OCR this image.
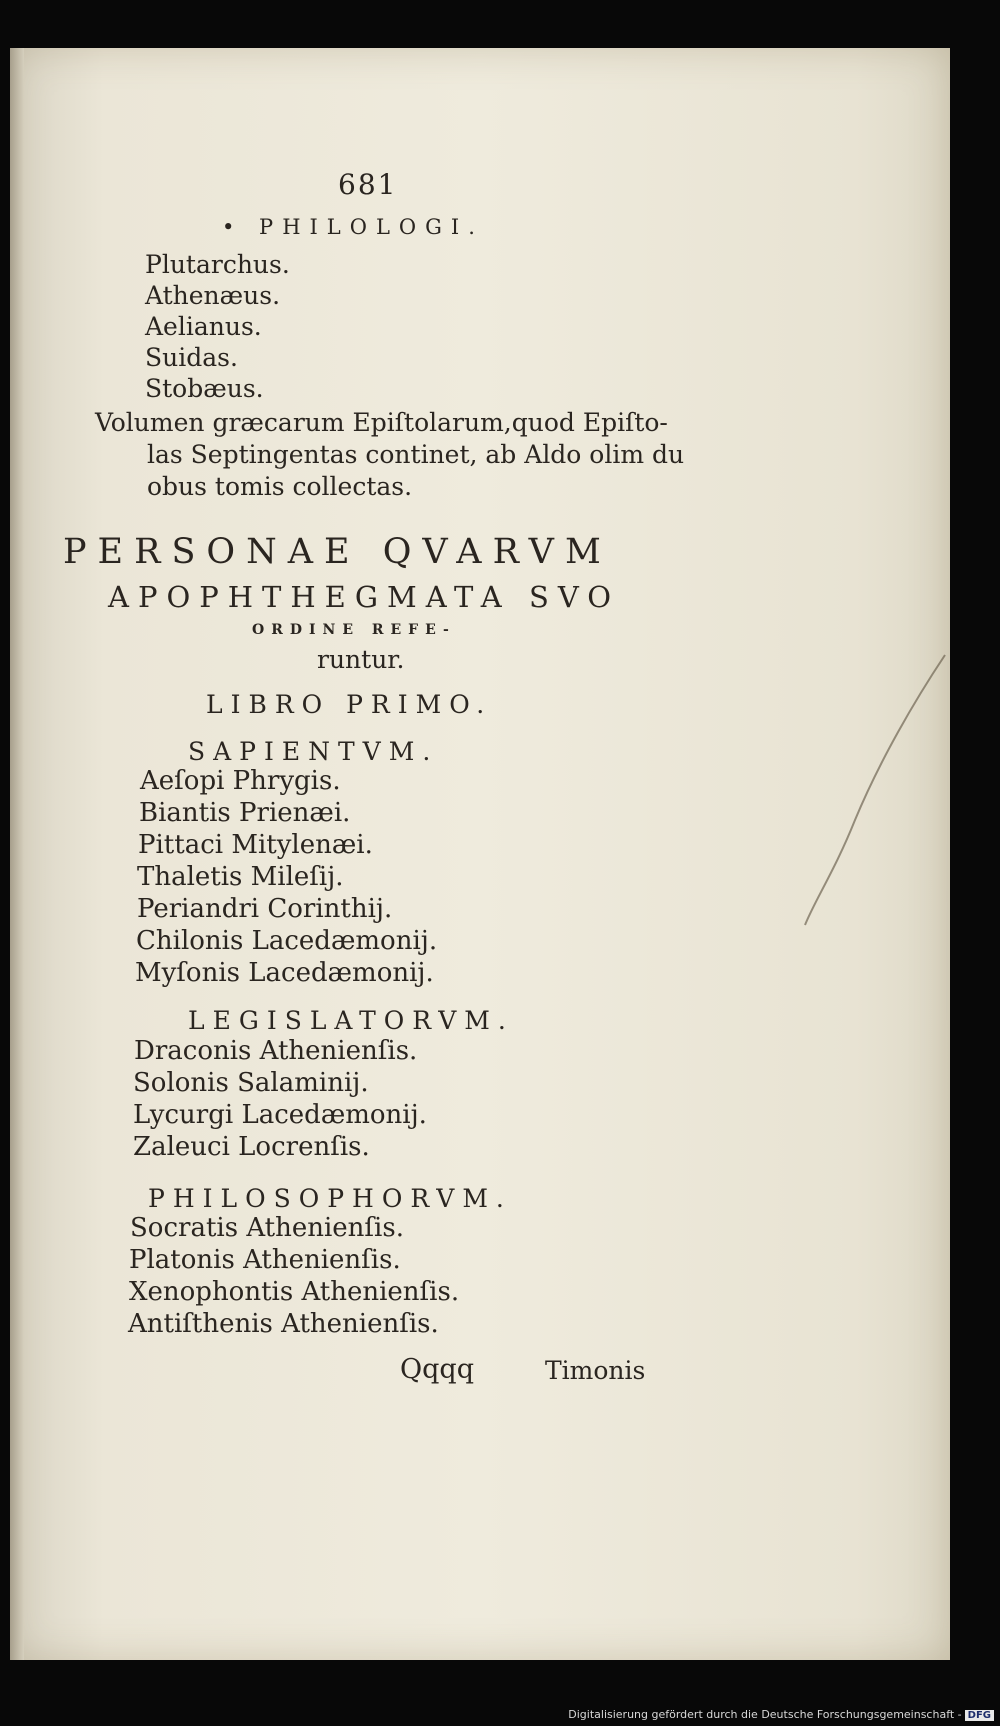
681
• PHILOLOGI.
Plutarchus.
Athenæus.
Aelianus.
Suidas.
Stobæus.
Volumen græcarum Epiſtolarum,quod Epiſto-
las Septingentas continet, ab Aldo olim du
obus tomis collectas.
PERSONAE QVARVM
APOPHTHEGMATA SVO
ORDINE REFE-
runtur.
LIBRO PRIMO.
SAPIENTVM.
Aeſopi Phrygis.
Biantis Prienæi.
Pittaci Mitylenæi.
Thaletis Mileſij.
Periandri Corinthij.
Chilonis Lacedæmonij.
Myſonis Lacedæmonij.
LEGISLATORVM.
Draconis Athenienſis.
Solonis Salaminij.
Lycurgi Lacedæmonij.
Zaleuci Locrenſis.
PHILOSOPHORVM.
Socratis Athenienſis.
Platonis Athenienſis.
Xenophontis Athenienſis.
Antiſthenis Athenienſis.
Qqqq	Timonis
Digitalisierung gefördert durch die Deutsche Forschungsgemeinschaft - DFG
